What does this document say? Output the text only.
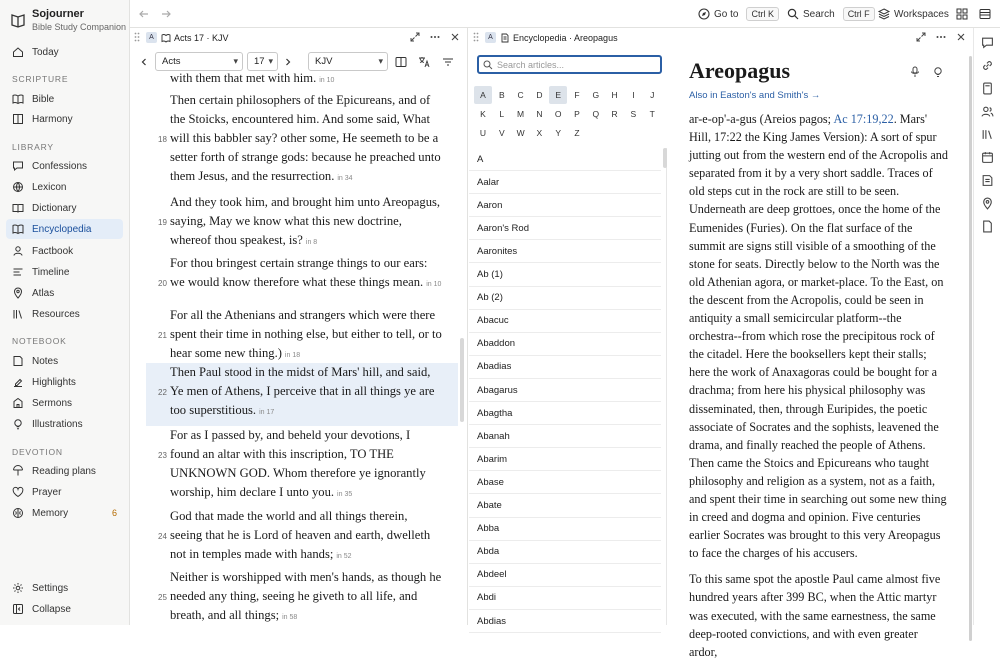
Sojourner
Bible Study Companion
Today
SCRIPTURE
Bible
Harmony
LIBRARY
Confessions
Lexicon
Dictionary
Encyclopedia
Factbook
Timeline
Atlas
Resources
NOTEBOOK
Notes
Highlights
Sermons
Illustrations
DEVOTION
Reading plans
Prayer
Memory	6
Settings
Collapse
Go to	Ctrl K	Search	Ctrl F	Workspaces
A	Acts 17 · KJV
Acts	▾ 17 ▾	KJV	▾
with them that met with him. in 10
18
Then certain philosophers of the Epicureans, and of the Stoicks, encountered him. And some said, What will this babbler say? other some, He seemeth to be a setter forth of strange gods: because he preached unto them Jesus, and the resurrection. in 34
19
And they took him, and brought him unto Areopagus, saying, May we know what this new doctrine, whereof thou speakest, is? in 8
20
For thou bringest certain strange things to our ears: we would know therefore what these things mean. in 10
21
For all the Athenians and strangers which were there spent their time in nothing else, but either to tell, or to hear some new thing.) in 18
22
Then Paul stood in the midst of Mars' hill, and said, Ye men of Athens, I perceive that in all things ye are too superstitious. in 17
23
For as I passed by, and beheld your devotions, I found an altar with this inscription, TO THE UNKNOWN GOD. Whom therefore ye ignorantly worship, him declare I unto you. in 35
24
God that made the world and all things therein, seeing that he is Lord of heaven and earth, dwelleth not in temples made with hands; in 52
25
Neither is worshipped with men's hands, as though he needed any thing, seeing he giveth to all life, and breath, and all things; in 58
A	Encyclopedia · Areopagus
Search articles...
A	B	C	D	E	F	G	H	I	J
K	L	M	N	O	P	Q	R	S	T
U	V	W	X	Y	Z
A
Aalar
Aaron
Aaron's Rod
Aaronites
Ab (1)
Ab (2)
Abacuc
Abaddon
Abadias
Abagarus
Abagtha
Abanah
Abarim
Abase
Abate
Abba
Abda
Abdeel
Abdi
Abdias
Areopagus
Also in Easton's and Smith's →

ar-e-op'-a-gus (Areios pagos; Ac 17:19,22. Mars' Hill, 17:22 the King James Version): A sort of spur jutting out from the western end of the Acropolis and separated from it by a very short saddle. Traces of old steps cut in the rock are still to be seen. Underneath are deep grottoes, once the home of the Eumenides (Furies). On the flat surface of the summit are signs still visible of a smoothing of the stone for seats. Directly below to the North was the old Athenian agora, or market-place. To the East, on the descent from the Acropolis, could be seen in antiquity a small semicircular platform--the orchestra--from which rose the precipitous rock of the citadel. Here the booksellers kept their stalls; here the work of Anaxagoras could be bought for a drachma; from here his physical philosophy was disseminated, then, through Euripides, the poetic associate of Socrates and the sophists, leavened the drama, and finally reached the people of Athens. Then came the Stoics and Epicureans who taught philosophy and religion as a system, not as a faith, and spent their time in searching out some new thing in creed and dogma and opinion. Five centuries earlier Socrates was brought to this very Areopagus to face the charges of his accusers.

To this same spot the apostle Paul came almost five hundred years after 399 BC, when the Attic martyr was executed, with the same earnestness, the same deep-rooted convictions, and with even greater ardor,
